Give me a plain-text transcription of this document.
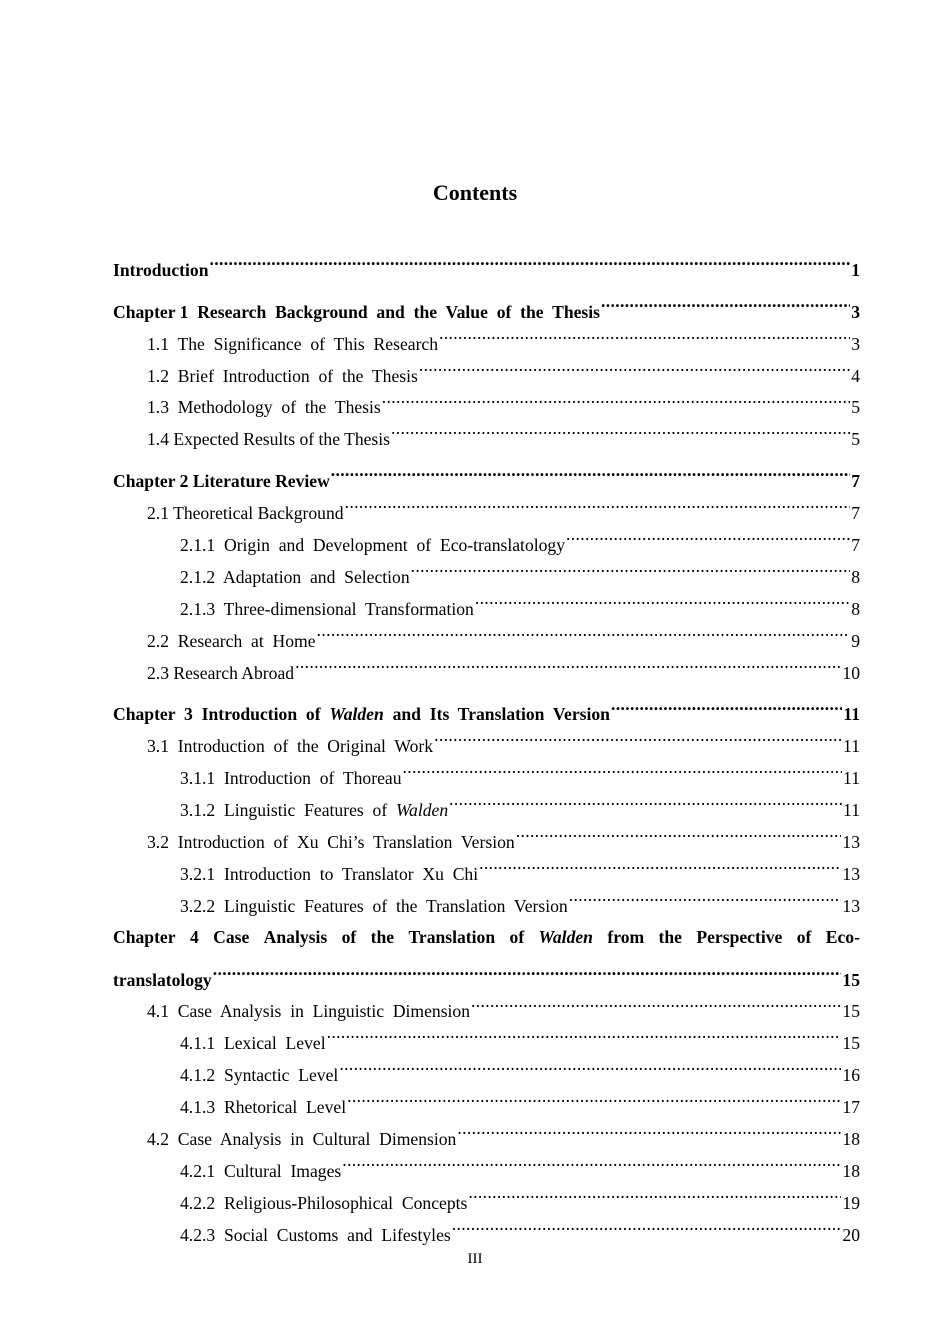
Contents
Introduction .....	1
Chapter 1  Research  Background  and  the  Value  of  the  Thesis .....	3
1.1  The  Significance  of  This  Research .....	3
1.2  Brief  Introduction  of  the  Thesis .....	4
1.3  Methodology  of  the  Thesis .....	5
1.4 Expected Results of the Thesis .....	5
Chapter 2 Literature Review .....	7
2.1 Theoretical Background .....	7
2.1.1  Origin  and  Development  of  Eco-translatology .....	7
2.1.2  Adaptation  and  Selection .....	8
2.1.3  Three-dimensional  Transformation .....	8
2.2  Research  at  Home .....	9
2.3 Research Abroad .....	10
Chapter  3  Introduction  of  Walden  and  Its  Translation  Version .....	11
3.1  Introduction  of  the  Original  Work .....	11
3.1.1  Introduction  of  Thoreau .....	11
3.1.2  Linguistic  Features  of  Walden .....	11
3.2  Introduction  of  Xu  Chi’s  Translation  Version .....	13
3.2.1  Introduction  to  Translator  Xu  Chi .....	13
3.2.2  Linguistic  Features  of  the  Translation  Version .....	13
Chapter 4 Case Analysis of the Translation of Walden from the Perspective of Eco-
translatology .....	15
4.1  Case  Analysis  in  Linguistic  Dimension .....	15
4.1.1  Lexical  Level .....	15
4.1.2  Syntactic  Level .....	16
4.1.3  Rhetorical  Level .....	17
4.2  Case  Analysis  in  Cultural  Dimension .....	18
4.2.1  Cultural  Images .....	18
4.2.2  Religious-Philosophical  Concepts .....	19
4.2.3  Social  Customs  and  Lifestyles .....	20
III
